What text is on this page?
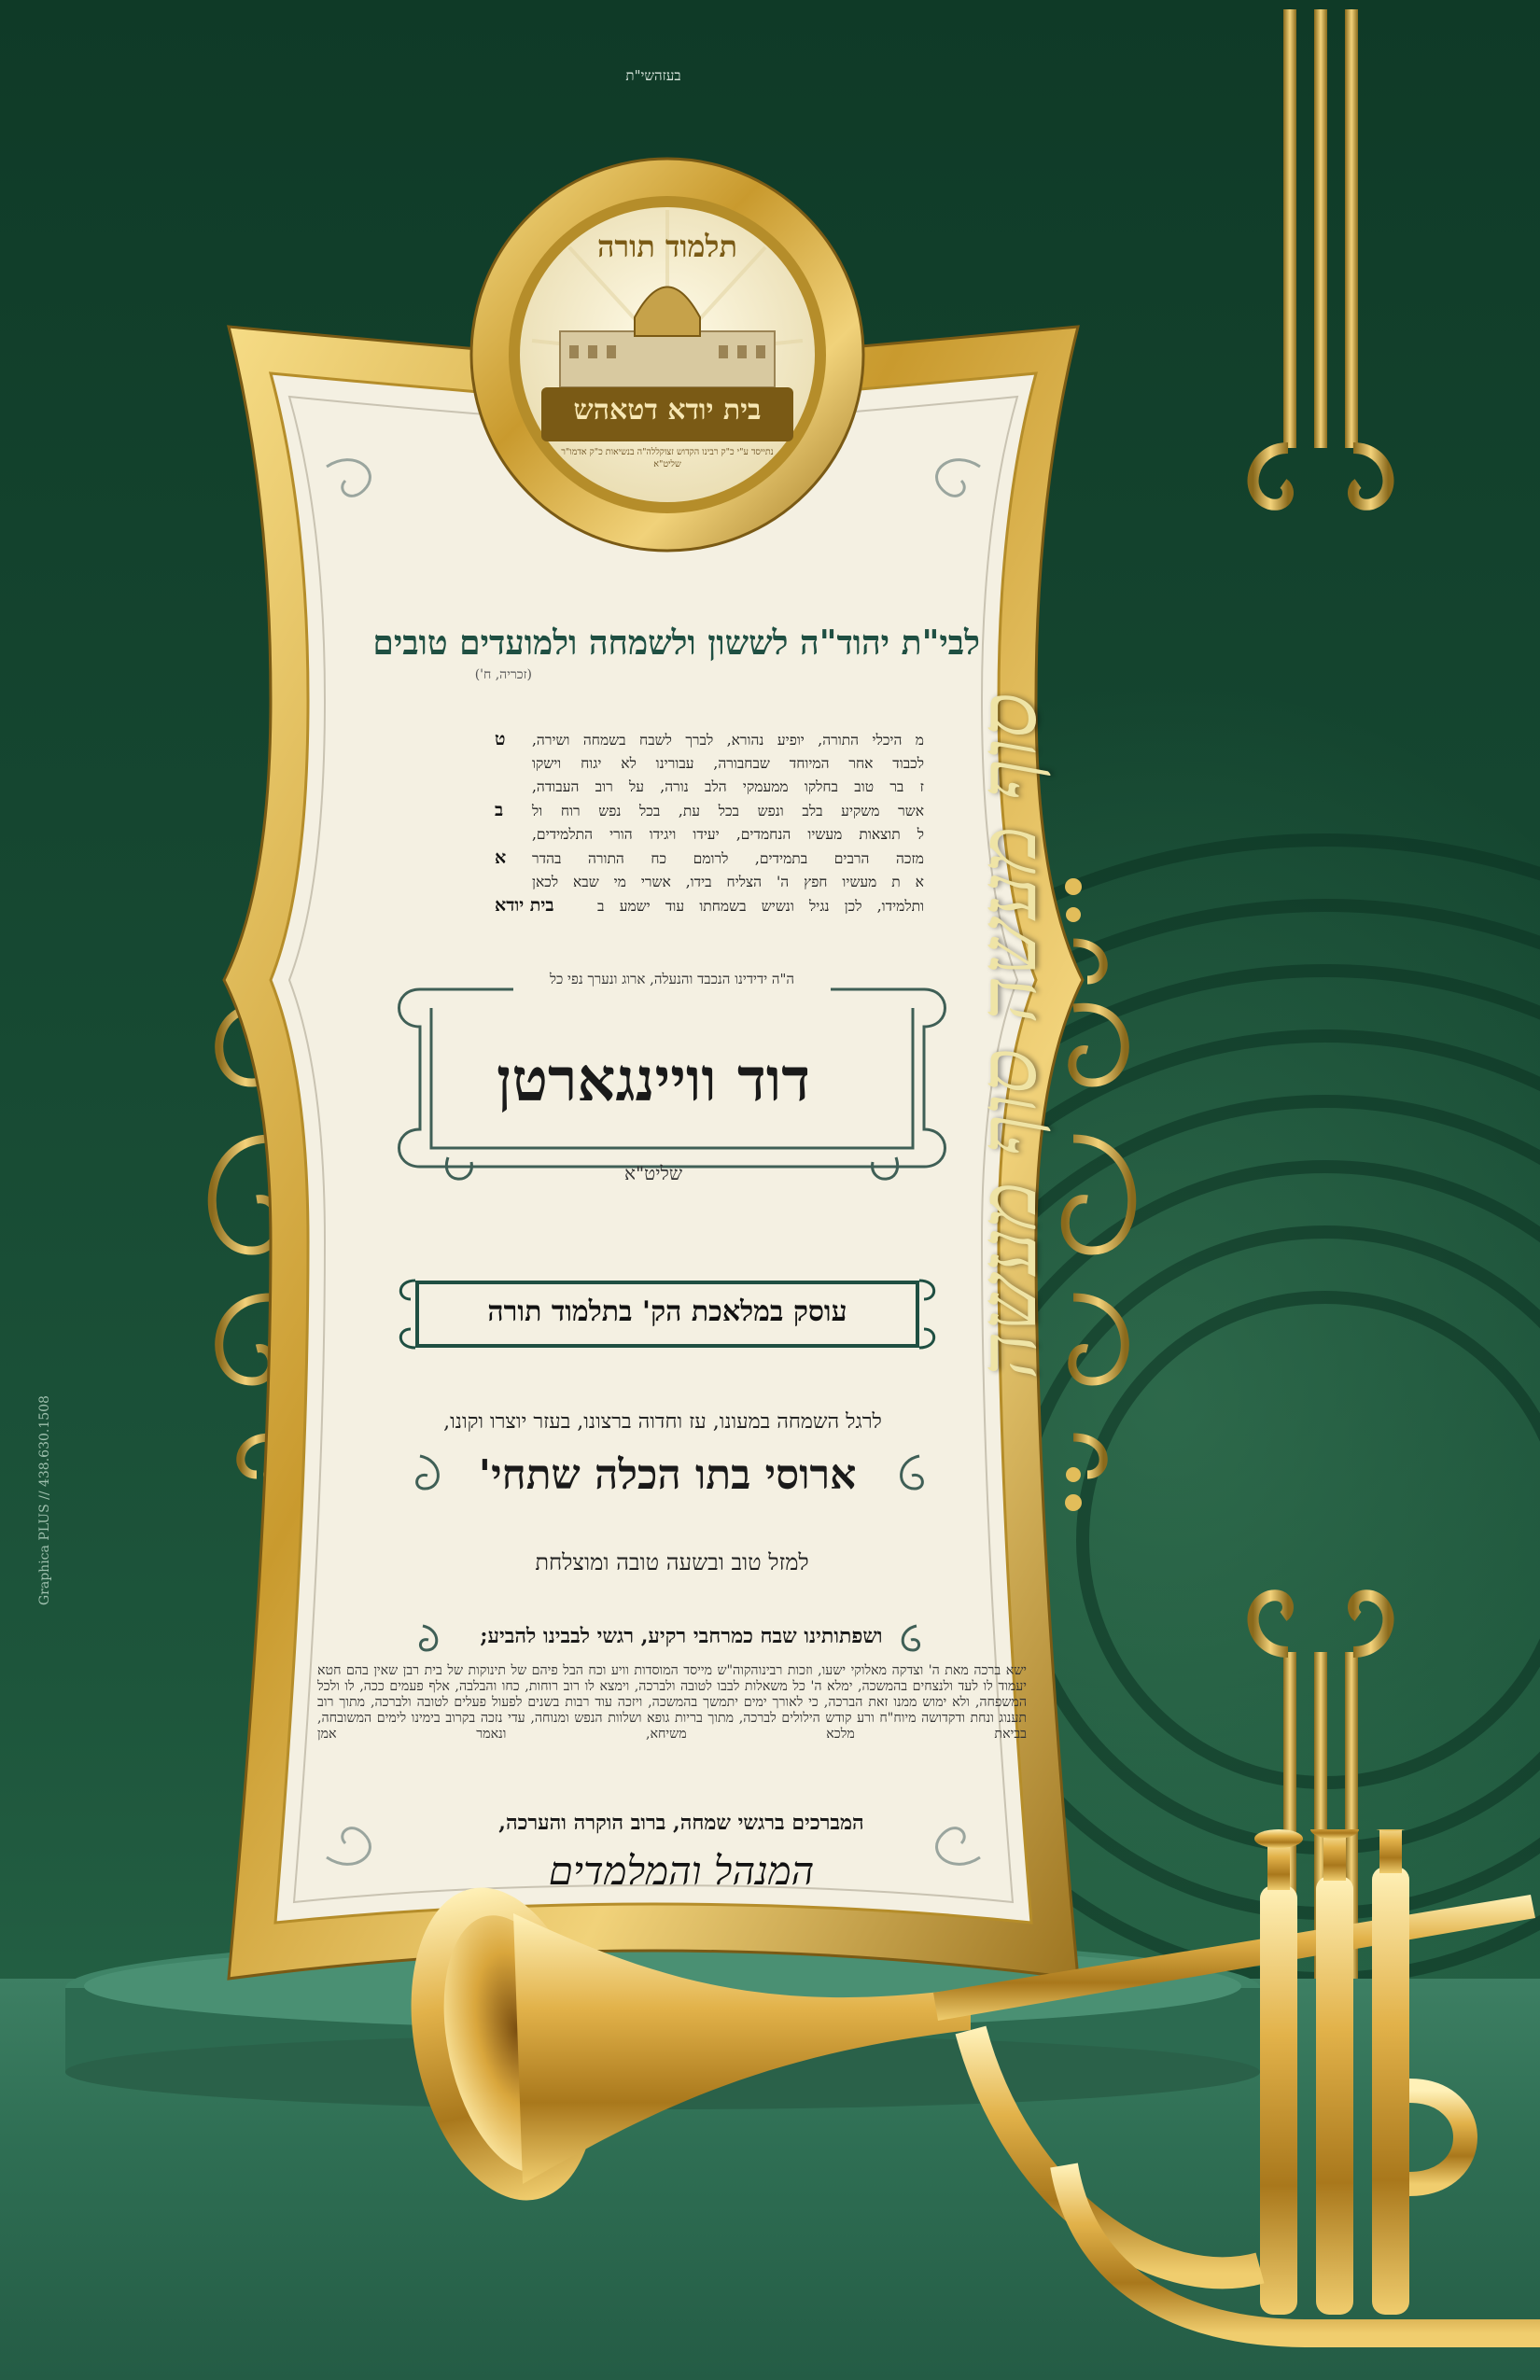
בעזהשי"ת
Graphica PLUS // 438.630.1508
תלמוד תורה
בית יודא דטאהש
נתייסד ע"י כ"ק רבינו הקדוש זצוקללה"ה בנשיאות כ"ק אדמו"ר שליט"א
סוף מעשה סוף מעשה
לבי"ת יהוד"ה לששון ולשמחה ולמועדים טובים
(זכריה, ח')
מ היכלי התורה, יופיע נהורא, לברך לשבח בשמחה ושירה,
ט
לכבוד אחר המיוחד שבחבורה, עבורינו לא יגוח וישקו
ז בר טוב בחלקו ממעמקי הלב נורה, על רוב העבודה,
אשר משקיע בלב ונפש בכל עת, בכל נפש רוח ול
ב
ל תוצאות מעשיו הנחמדים, יעידו ויגידו הורי התלמידים,
מזכה הרבים בתמידים, לרומם כח התורה בהדר
א
א ת מעשיו חפץ ה' הצליח בידו, אשרי מי שבא לכאן
ותלמידו, לכן נגיל ונשיש בשמחתו עוד ישמע ב
בית יודא
ה"ה ידידינו הנכבד והנעלה, ארוג ונערך נפי כל
דוד וויינגארטן
שליט"א
עוסק במלאכת הק' בתלמוד תורה
לרגל השמחה במעונו, עז וחדוה ברצונו, בעזר יוצרו וקונו,
ארוסי בתו הכלה שתחי'
למזל טוב ובשעה טובה ומוצלחת
ושפתותינו שבח כמרחבי רקיע, רגשי לבבינו להביע;
ישא ברכה מאת ה' וצדקה מאלוקי ישעו, וזכות רבינוהקוה"ש מייסד המוסדות וויע וכח הבל פיהם של תינוקות של בית רבן שאין בהם חטא יעמוד לו לעד ולנצחים בהמשכה, ימלא ה' כל משאלות לבבו לטובה ולברכה, וימצא לו רוב רוחות, כחו והבלבה, אלף פעמים ככה, לו ולכל המשפחה, ולא ימוש ממנו זאת הברכה, כי לאורך ימים יתמשך בהמשכה, ויזכה עוד רבות בשנים לפעול פעלים לטובה ולברכה, מתוך רוב תענוג ונחת ודקדושה מיוח"ח ורע קודש הילולים לברכה, מתוך בריות גופא ושלוות הנפש ומנוחה, עדי נזכה בקרוב בימינו לימים המשובחה, בביאת מלכא משיחא, ונאמר אמן
המברכים ברגשי שמחה, ברוב הוקרה והערכה,
המנהל והמלמדים
